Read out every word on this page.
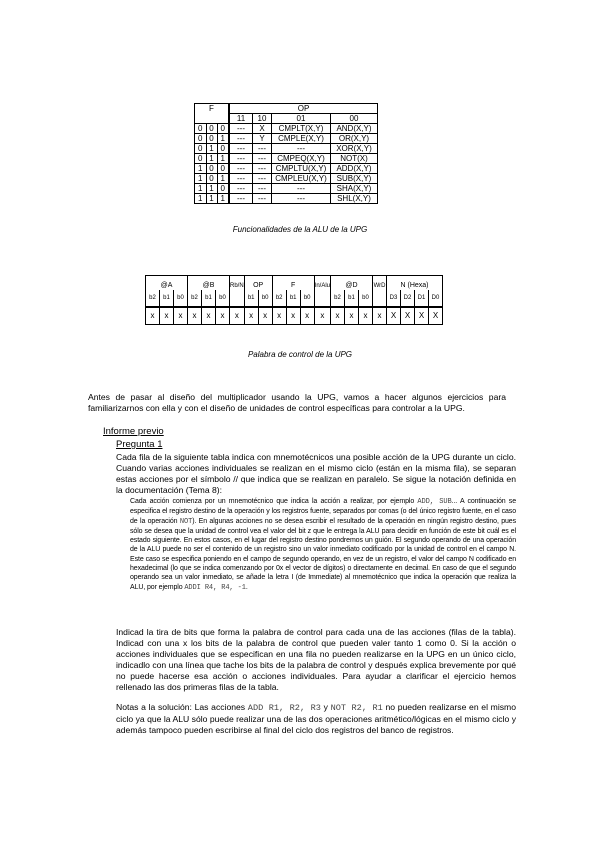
F			OP			
			11	10	01	00
0	0	0	---	X	CMPLT(X,Y)	AND(X,Y)
0	0	1	---	Y	CMPLE(X,Y)	OR(X,Y)
0	1	0	---	---	---	XOR(X,Y)
0	1	1	---	---	CMPEQ(X,Y)	NOT(X)
1	0	0	---	---	CMPLTU(X,Y)	ADD(X,Y)
1	0	1	---	---	CMPLEU(X,Y)	SUB(X,Y)
1	1	0	---	---	---	SHA(X,Y)
1	1	1	---	---	---	SHL(X,Y)
Funcionalidades de la ALU de la UPG
@A			@B			Rb/N	OP		F			In/Alu	@D			WrD	N (Hexa)			
b2	b1	b0	b2	b1	b0		b1	b0	b2	b1	b0		b2	b1	b0		D3	D2	D1	D0
x	x	x	x	x	x	x	x	x	x	x	x	x	x	x	x	x	X	X	X	X
Palabra de control de la UPG
Antes de pasar al diseño del multiplicador usando la UPG, vamos a hacer algunos ejercicios para familiarizarnos con ella y con el diseño de unidades de control específicas para controlar a la UPG.
Informe previo
Pregunta 1
Cada fila de la siguiente tabla indica con mnemotécnicos una posible acción de la UPG durante un ciclo. Cuando varias acciones individuales se realizan en el mismo ciclo (están en la misma fila), se separan estas acciones por el símbolo // que indica que se realizan en paralelo. Se sigue la notación definida en la documentación (Tema 8):
Cada acción comienza por un mnemotécnico que indica la acción a realizar, por ejemplo ADD, SUB... A continuación se especifica el registro destino de la operación y los registros fuente, separados por comas (o del único registro fuente, en el caso de la operación NOT). En algunas acciones no se desea escribir el resultado de la operación en ningún registro destino, pues sólo se desea que la unidad de control vea el valor del bit z que le entrega la ALU para decidir en función de este bit cuál es el estado siguiente. En estos casos, en el lugar del registro destino pondremos un guión. El segundo operando de una operación de la ALU puede no ser el contenido de un registro sino un valor inmediato codificado por la unidad de control en el campo N. Este caso se especifica poniendo en el campo de segundo operando, en vez de un registro, el valor del campo N codificado en hexadecimal (lo que se indica comenzando por 0x el vector de dígitos) o directamente en decimal. En caso de que el segundo operando sea un valor inmediato, se añade la letra I (de Immediate) al mnemotécnico que indica la operación que realiza la ALU, por ejemplo ADDI R4, R4, -1.
Indicad la tira de bits que forma la palabra de control para cada una de las acciones (filas de la tabla). Indicad con una x los bits de la palabra de control que pueden valer tanto 1 como 0. Si la acción o acciones individuales que se especifican en una fila no pueden realizarse en la UPG en un único ciclo, indicadlo con una línea que tache los bits de la palabra de control y después explica brevemente por qué no puede hacerse esa acción o acciones individuales. Para ayudar a clarificar el ejercicio hemos rellenado las dos primeras filas de la tabla.
Notas a la solución: Las acciones ADD R1, R2, R3 y NOT R2, R1 no pueden realizarse en el mismo ciclo ya que la ALU sólo puede realizar una de las dos operaciones aritmético/lógicas en el mismo ciclo y además tampoco pueden escribirse al final del ciclo dos registros del banco de registros.
